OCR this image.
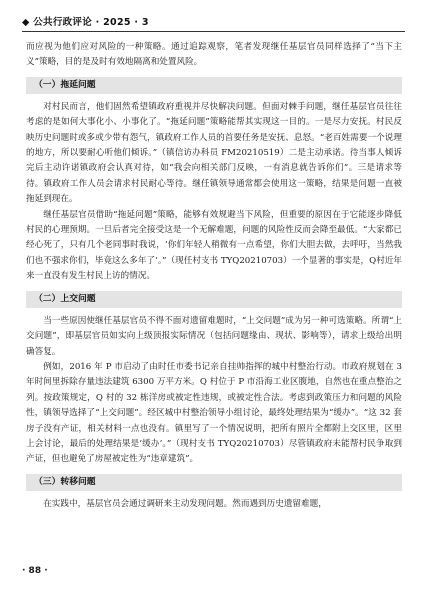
◆ 公共行政评论 · 2025 · 3

而应视为他们应对风险的一种策略。通过追踪观察，笔者发现继任基层官员同样选择了“当下主义”策略，目的是及时有效地隔离和处置风险。

（一）拖延问题

对村民而言，他们固然希望镇政府重视并尽快解决问题。但面对棘手问题，继任基层官员往往考虑的是如何大事化小、小事化了。“拖延问题”策略能帮其实现这一目的。一是尽力安抚。村民反映历史问题时或多或少带有怨气，镇政府工作人员的首要任务是安抚、息怒。“老百姓需要一个说理的地方，所以要耐心听他们倾诉。”（镇信访办科员 FM20210519）二是主动承诺。待当事人倾诉完后主动许诺镇政府会认真对待，如“我会向相关部门反映，一有消息就告诉你们”。三是请求等待。镇政府工作人员会请求村民耐心等待。继任镇领导通常都会使用这一策略，结果是问题一直被拖延到现在。

继任基层官员借助“拖延问题”策略，能够有效规避当下风险，但重要的原因在于它能逐步降低村民的心理预期。一旦后者完全接受这是一个无解难题，问题的风险性反而会降至最低。“大家都已经心死了，只有几个老同事时我说，‘你们年轻人稍微有一点希望，你们大胆去做，去呼吁，当然我们也不强求你们，毕竟这么多年了’。”（现任村支书 TYQ20210703）一个显著的事实是，Q村近年来一直没有发生村民上访的情况。

（二）上交问题

当一些原因使继任基层官员不得不面对遗留难题时，“上交问题”成为另一种可选策略。所谓“上交问题”，即基层官员如实向上级顶报实际情况（包括问题缘由、现状、影响等），请求上级给出明确答复。

例如，2016 年 P 市启动了由时任市委书记亲自挂帅指挥的城中村整治行动。市政府规划在 3 年时间里拆除存量违法建筑 6300 万平方米。Q 村位于 P 市沿海工业区腹地，自然也在重点整治之列。按政策规定，Q 村的 32 栋洋房或被定性违规，或被定性合法。考虑到政策压力和问题的风险性，镇领导选择了“上交问题”。经区城中村整治领导小组讨论，最终处理结果为“缓办”。“这 32 套房子没有产证，相关材料一点也没有。镇里写了一个情况说明，把所有照片全都附上交区里，区里上会讨论，最后的处理结果是‘缓办’。”（现村支书 TYQ20210703）尽管镇政府未能帮村民争取到产证，但也避免了房屋被定性为“违章建筑”。

（三）转移问题

在实践中，基层官员会通过调研来主动发现问题。然而遇到历史遗留难题，

· 88 ·
